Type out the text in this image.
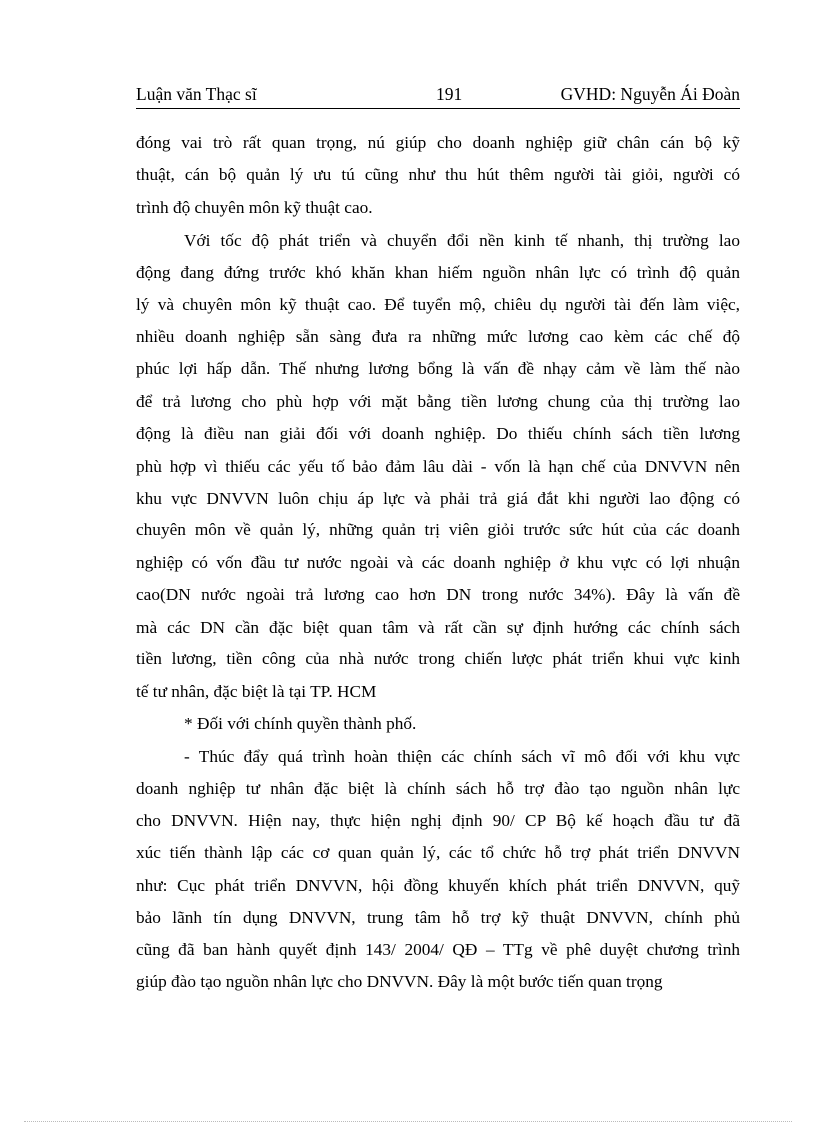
Luận văn Thạc sĩ	191	GVHD: Nguyễn Ái Đoàn
đóng vai trò rất quan trọng, nú giúp cho doanh nghiệp giữ chân cán bộ kỹ
thuật, cán bộ quản lý ưu tú cũng như thu hút thêm người tài giỏi, người có
trình độ chuyên môn kỹ thuật cao.
Với tốc độ phát triển và chuyển đổi nền kinh tế nhanh, thị trường lao
động đang đứng trước khó khăn khan hiếm nguồn nhân lực có trình độ quản
lý và chuyên môn kỹ thuật cao. Để tuyển mộ, chiêu dụ người tài đến làm việc,
nhiều doanh nghiệp sẵn sàng đưa ra những mức lương cao kèm các chế độ
phúc lợi hấp dẫn. Thế nhưng lương bổng là vấn đề nhạy cảm về làm thế nào
để trả lương cho phù hợp với mặt bằng tiền lương chung của thị trường lao
động là điều nan giải đối với doanh nghiệp. Do thiếu chính sách tiền lương
phù hợp vì thiếu các yếu tố bảo đảm lâu dài - vốn là hạn chế của DNVVN nên
khu vực DNVVN luôn chịu áp lực và phải trả giá đắt khi người lao động có
chuyên môn về quản lý, những quản trị viên giỏi trước sức hút của các doanh
nghiệp có vốn đầu tư nước ngoài và các doanh nghiệp ở khu vực có lợi nhuận
cao(DN nước ngoài trả lương cao hơn DN trong nước 34%). Đây là vấn đề
mà các DN cần đặc biệt quan tâm và rất cần sự định hướng các chính sách
tiền lương, tiền công của nhà nước trong chiến lược phát triển khui vực kinh
tế tư nhân, đặc biệt là tại TP. HCM
* Đối với chính quyền thành phố.
- Thúc đẩy quá trình hoàn thiện các chính sách vĩ mô đối với khu vực
doanh nghiệp tư nhân đặc biệt là chính sách hỗ trợ đào tạo nguồn nhân lực
cho DNVVN. Hiện nay, thực hiện nghị định 90/ CP Bộ kế hoạch đầu tư đã
xúc tiến thành lập các cơ quan quản lý, các tổ chức hỗ trợ phát triển DNVVN
như: Cục phát triển DNVVN, hội đồng khuyến khích phát triển DNVVN, quỹ
bảo lãnh tín dụng DNVVN, trung tâm hỗ trợ kỹ thuật DNVVN, chính phủ
cũng đã ban hành quyết định 143/ 2004/ QĐ – TTg về phê duyệt chương trình
giúp đào tạo nguồn nhân lực cho DNVVN. Đây là một bước tiến quan trọng
